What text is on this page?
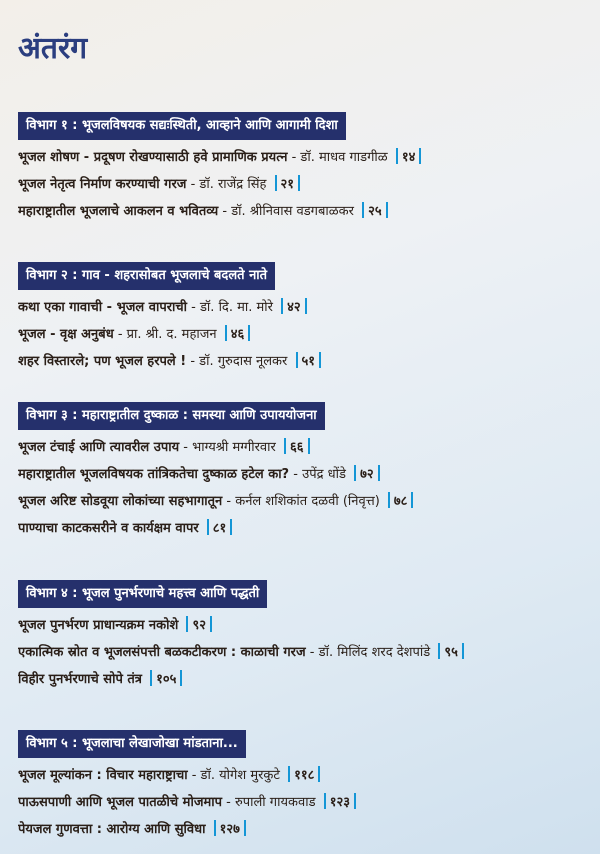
अंतरंग
विभाग १ : भूजलविषयक सद्यःस्थिती, आव्हाने आणि आगामी दिशा
भूजल शोषण - प्रदूषण रोखण्यासाठी हवे प्रामाणिक प्रयत्न - डॉ. माधव गाडगीळ १४
भूजल नेतृत्व निर्माण करण्याची गरज - डॉ. राजेंद्र सिंह २१
महाराष्ट्रातील भूजलाचे आकलन व भवितव्य - डॉ. श्रीनिवास वडगबाळकर २५
विभाग २ : गाव - शहरासोबत भूजलाचे बदलते नाते
कथा एका गावाची - भूजल वापराची - डॉ. दि. मा. मोरे ४२
भूजल - वृक्ष अनुबंध - प्रा. श्री. द. महाजन ४६
शहर विस्तारले; पण भूजल हरपले ! - डॉ. गुरुदास नूलकर ५१
विभाग ३ : महाराष्ट्रातील दुष्काळ : समस्या आणि उपाययोजना
भूजल टंचाई आणि त्यावरील उपाय - भाग्यश्री मग्गीरवार ६६
महाराष्ट्रातील भूजलविषयक तांत्रिकतेचा दुष्काळ हटेल का? - उपेंद्र धोंडे ७२
भूजल अरिष्ट सोडवूया लोकांच्या सहभागातून - कर्नल शशिकांत दळवी (निवृत्त) ७८
पाण्याचा काटकसरीने व कार्यक्षम वापर ८१
विभाग ४ : भूजल पुनर्भरणाचे महत्त्व आणि पद्धती
भूजल पुनर्भरण प्राधान्यक्रम नकोशे ९२
एकात्मिक स्रोत व भूजलसंपत्ती बळकटीकरण : काळाची गरज - डॉ. मिलिंद शरद देशपांडे ९५
विहीर पुनर्भरणाचे सोपे तंत्र १०५
विभाग ५ : भूजलाचा लेखाजोखा मांडताना...
भूजल मूल्यांकन : विचार महाराष्ट्राचा - डॉ. योगेश मुरकुटे ११८
पाऊसपाणी आणि भूजल पातळीचे मोजमाप - रुपाली गायकवाड १२३
पेयजल गुणवत्ता : आरोग्य आणि सुविधा १२७
